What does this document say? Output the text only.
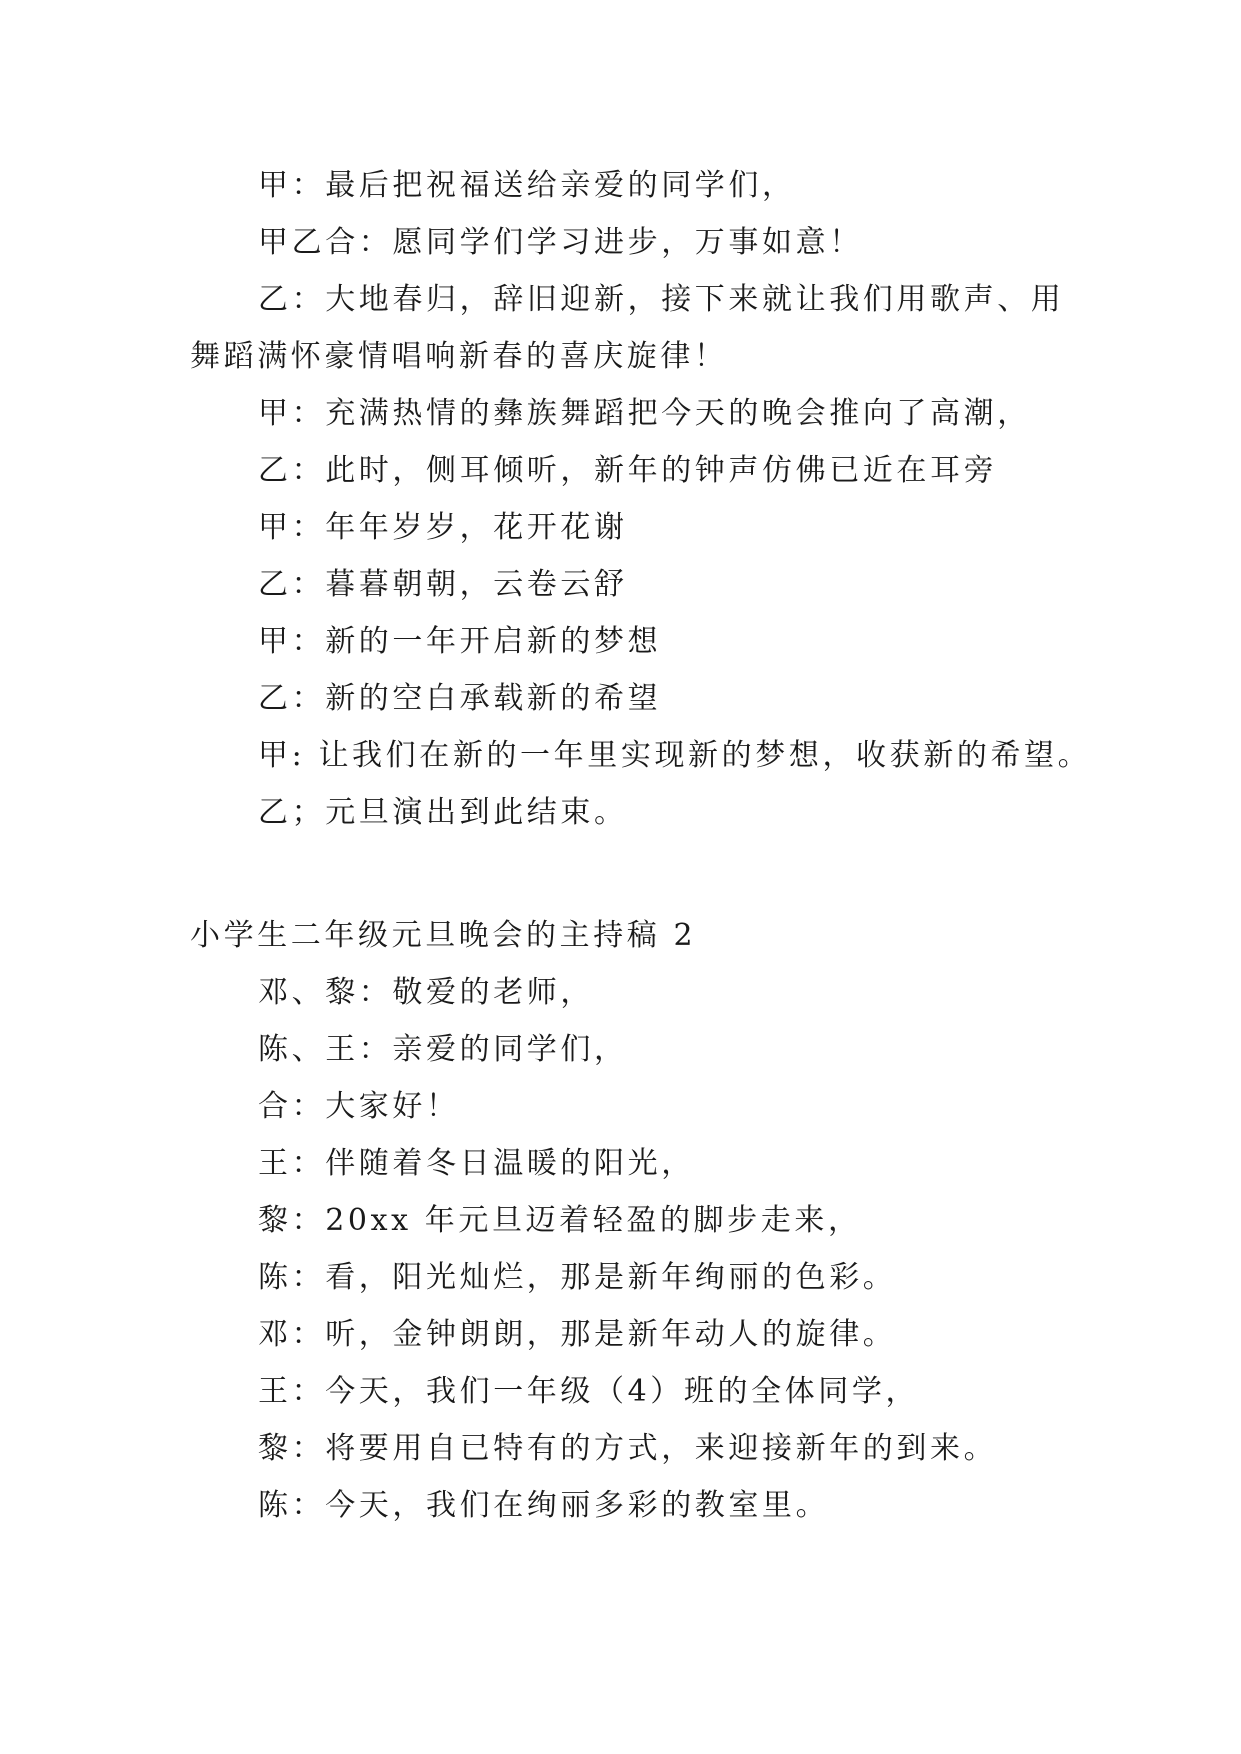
甲：最后把祝福送给亲爱的同学们，

甲乙合：愿同学们学习进步，万事如意！

乙：大地春归，辞旧迎新，接下来就让我们用歌声、用

舞蹈满怀豪情唱响新春的喜庆旋律！

甲：充满热情的彝族舞蹈把今天的晚会推向了高潮，

乙：此时，侧耳倾听，新年的钟声仿佛已近在耳旁

甲：年年岁岁，花开花谢

乙：暮暮朝朝，云卷云舒

甲：新的一年开启新的梦想

乙：新的空白承载新的希望

甲: 让我们在新的一年里实现新的梦想，收获新的希望。

乙；元旦演出到此结束。

小学生二年级元旦晚会的主持稿 2

邓、黎：敬爱的老师，

陈、王：亲爱的同学们，

合：大家好！

王：伴随着冬日温暖的阳光，

黎：20xx 年元旦迈着轻盈的脚步走来，

陈：看，阳光灿烂，那是新年绚丽的色彩。

邓：听，金钟朗朗，那是新年动人的旋律。

王：今天，我们一年级（4）班的全体同学，

黎：将要用自已特有的方式，来迎接新年的到来。

陈：今天，我们在绚丽多彩的教室里。
